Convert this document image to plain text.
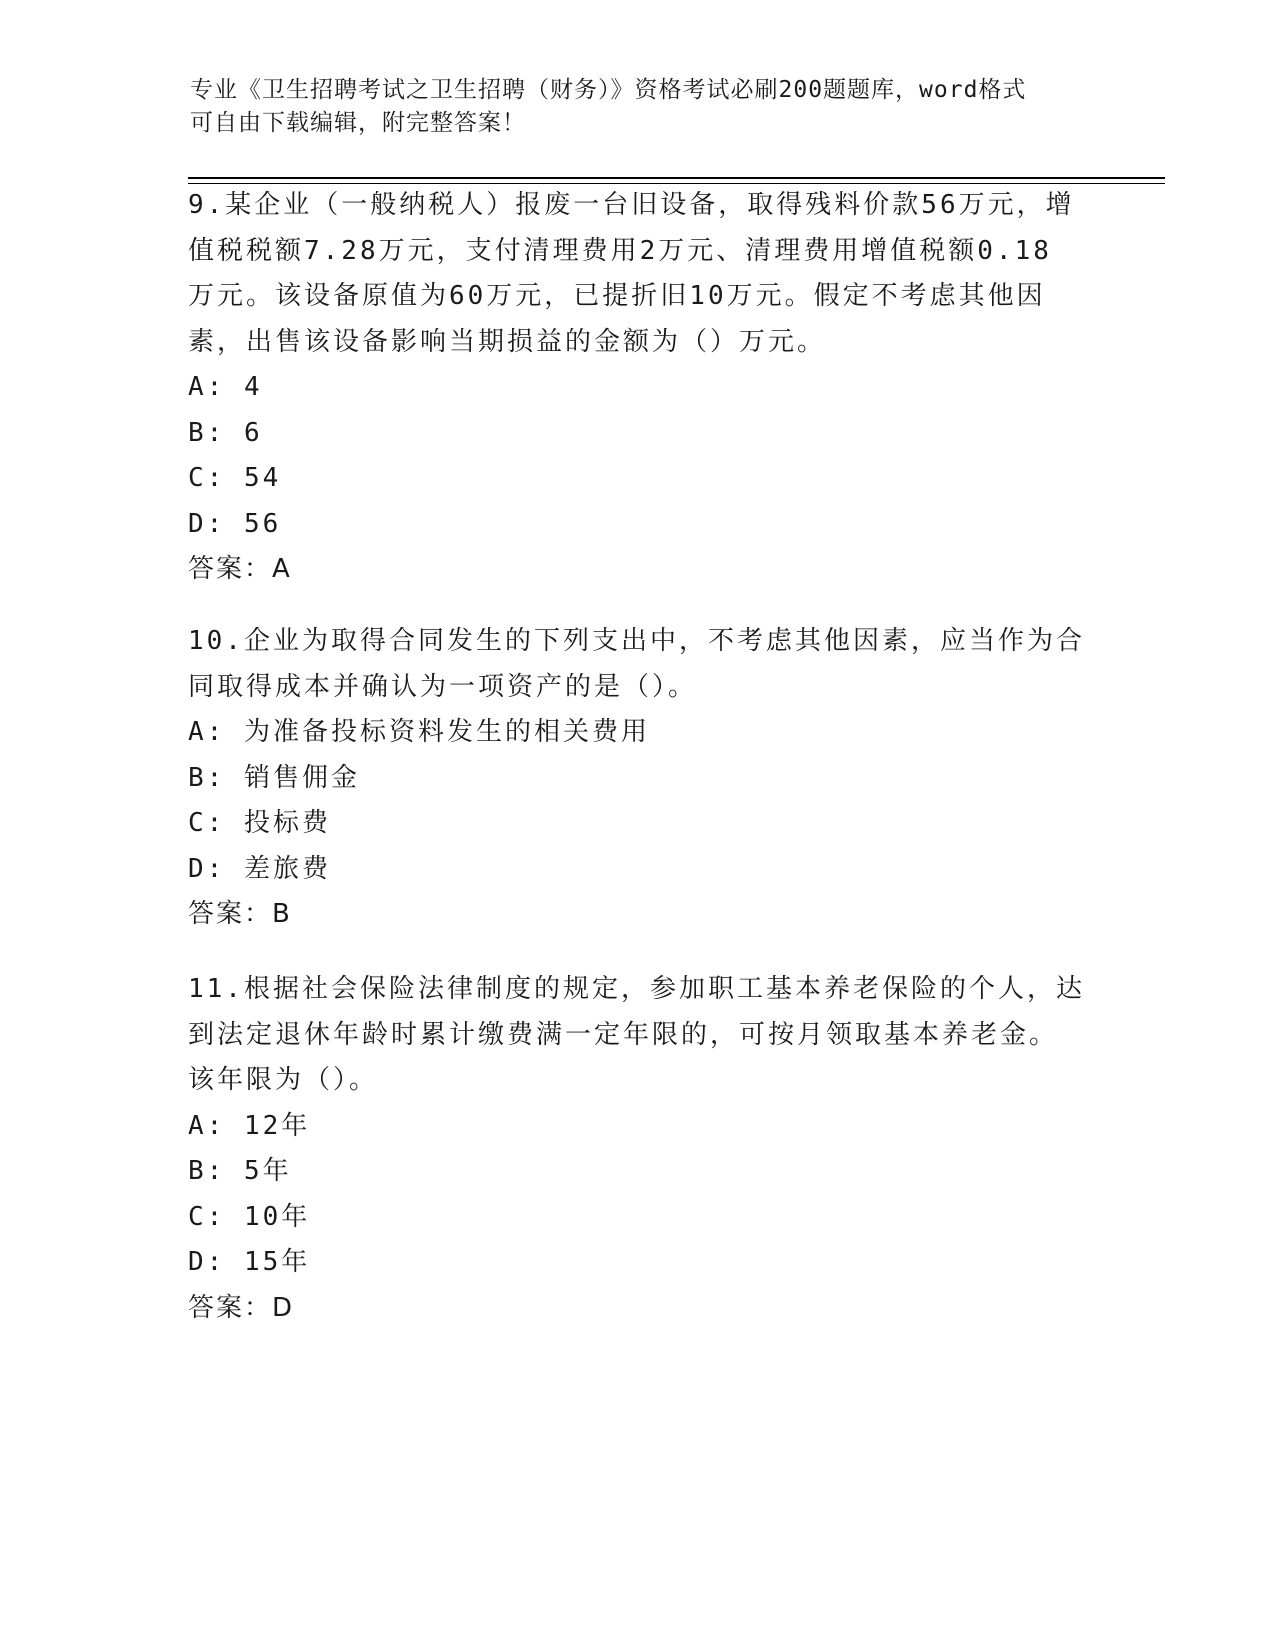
专业《卫生招聘考试之卫生招聘（财务）》资格考试必刷200题题库，word格式
可自由下载编辑，附完整答案！

9.某企业（一般纳税人）报废一台旧设备，取得残料价款56万元，增

值税税额7.28万元，支付清理费用2万元、清理费用增值税额0.18

万元。该设备原值为60万元，已提折旧10万元。假定不考虑其他因

素，出售该设备影响当期损益的金额为（）万元。

A: 4

B: 6

C: 54

D: 56

答案：A

10.企业为取得合同发生的下列支出中，不考虑其他因素，应当作为合

同取得成本并确认为一项资产的是（）。

A: 为准备投标资料发生的相关费用

B: 销售佣金

C: 投标费

D: 差旅费

答案：B

11.根据社会保险法律制度的规定，参加职工基本养老保险的个人，达

到法定退休年龄时累计缴费满一定年限的，可按月领取基本养老金。

该年限为（）。

A: 12年

B: 5年

C: 10年

D: 15年

答案：D
